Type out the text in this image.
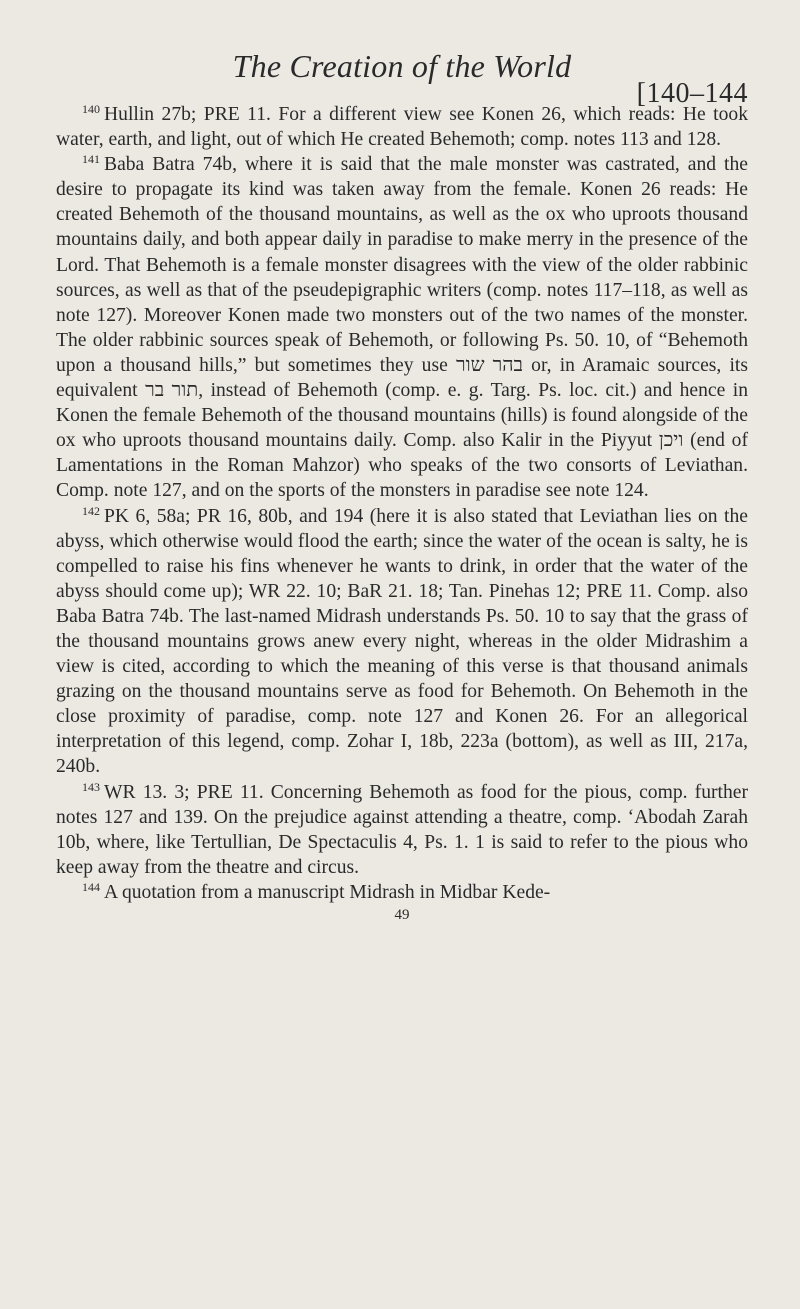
The Creation of the World
[140–144

$^{140}$ Hullin 27b; PRE 11. For a different view see Konen 26, which reads: He took water, earth, and light, out of which He created Behemoth; comp. notes 113 and 128.

$^{141}$ Baba Batra 74b, where it is said that the male monster was castrated, and the desire to propagate its kind was taken away from the female. Konen 26 reads: He created Behemoth of the thousand mountains, as well as the ox who uproots thousand mountains daily, and both appear daily in paradise to make merry in the presence of the Lord. That Behemoth is a female monster disagrees with the view of the older rabbinic sources, as well as that of the pseudepigraphic writers (comp. notes 117–118, as well as note 127). Moreover Konen made two monsters out of the two names of the monster. The older rabbinic sources speak of Behemoth, or following Ps. 50. 10, of “Behemoth upon a thousand hills,” but sometimes they use בהר שור or, in Aramaic sources, its equivalent תור בר, instead of Behemoth (comp. e. g. Targ. Ps. loc. cit.) and hence in Konen the female Behemoth of the thousand mountains (hills) is found alongside of the ox who uproots thousand mountains daily. Comp. also Kalir in the Piyyut ויכן (end of Lamentations in the Roman Mahzor) who speaks of the two consorts of Leviathan. Comp. note 127, and on the sports of the monsters in paradise see note 124.

$^{142}$ PK 6, 58a; PR 16, 80b, and 194 (here it is also stated that Leviathan lies on the abyss, which otherwise would flood the earth; since the water of the ocean is salty, he is compelled to raise his fins whenever he wants to drink, in order that the water of the abyss should come up); WR 22. 10; BaR 21. 18; Tan. Pinehas 12; PRE 11. Comp. also Baba Batra 74b. The last-named Midrash understands Ps. 50. 10 to say that the grass of the thousand mountains grows anew every night, whereas in the older Midrashim a view is cited, according to which the meaning of this verse is that thousand animals grazing on the thousand mountains serve as food for Behemoth. On Behemoth in the close proximity of paradise, comp. note 127 and Konen 26. For an allegorical interpretation of this legend, comp. Zohar I, 18b, 223a (bottom), as well as III, 217a, 240b.

$^{143}$ WR 13. 3; PRE 11. Concerning Behemoth as food for the pious, comp. further notes 127 and 139. On the prejudice against attending a theatre, comp. ‘Abodah Zarah 10b, where, like Tertullian, De Spectaculis 4, Ps. 1. 1 is said to refer to the pious who keep away from the theatre and circus.

$^{144}$ A quotation from a manuscript Midrash in Midbar Kede-

49
